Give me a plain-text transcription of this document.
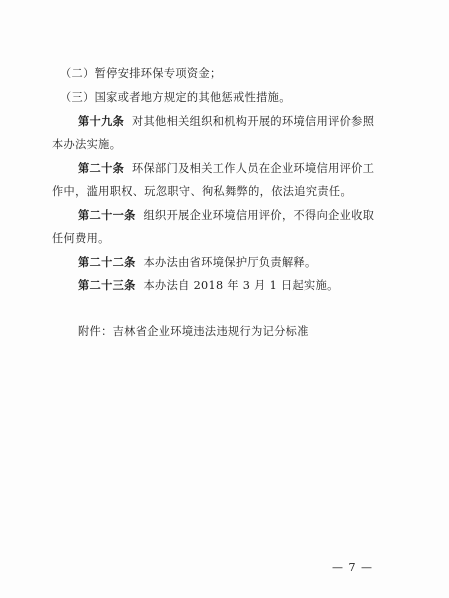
（二）暂停安排环保专项资金；
（三）国家或者地方规定的其他惩戒性措施。
第十九条 对其他相关组织和机构开展的环境信用评价参照
本办法实施。
第二十条 环保部门及相关工作人员在企业环境信用评价工
作中，滥用职权、玩忽职守、徇私舞弊的，依法追究责任。
第二十一条 组织开展企业环境信用评价，不得向企业收取
任何费用。
第二十二条 本办法由省环境保护厅负责解释。
第二十三条 本办法自 2018 年 3 月 1 日起实施。
附件：吉林省企业环境违法违规行为记分标准
— 7 —
